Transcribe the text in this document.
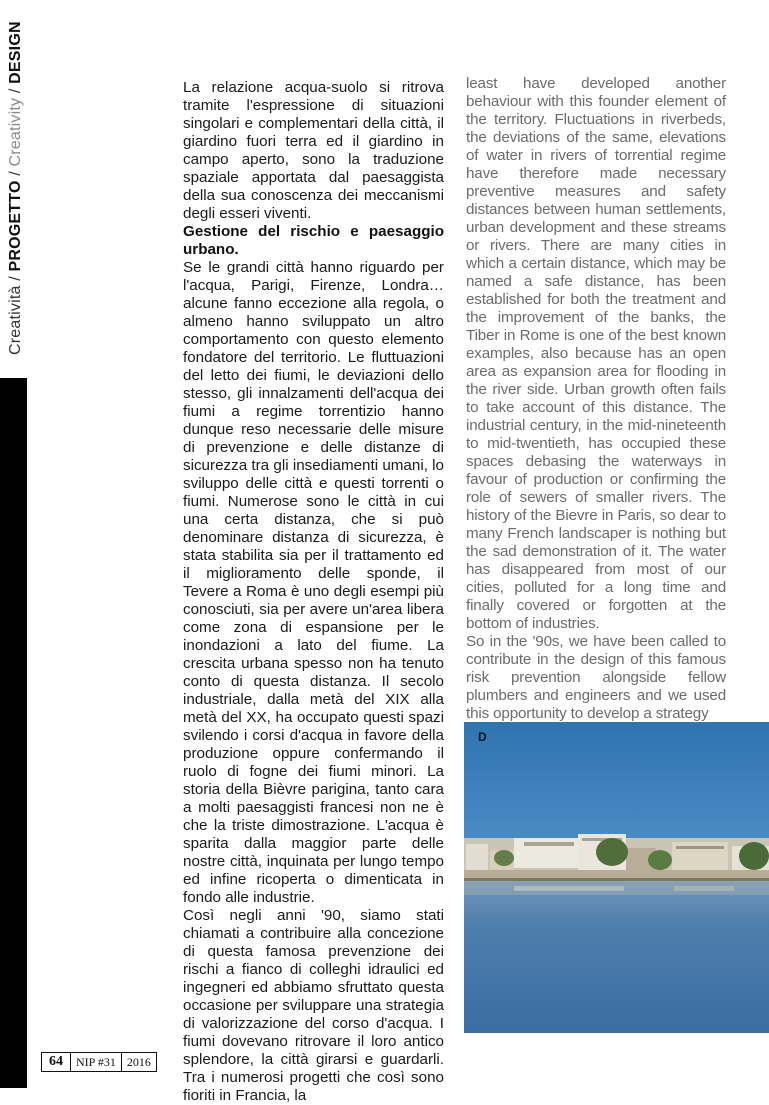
Creatività / PROGETTO / Creativity / DESIGN

La relazione acqua-suolo si ritrova tramite l'espressione di situazioni singolari e complementari della città, il giardino fuori terra ed il giardino in campo aperto, sono la traduzione spaziale apportata dal paesaggista della sua conoscenza dei meccanismi degli esseri viventi.

Gestione del rischio e paesaggio urbano.

Se le grandi città hanno riguardo per l'acqua, Parigi, Firenze, Londra… alcune fanno eccezione alla regola, o almeno hanno sviluppato un altro comportamento con questo elemento fondatore del territorio. Le fluttuazioni del letto dei fiumi, le deviazioni dello stesso, gli innalzamenti dell'acqua dei fiumi a regime torrentizio hanno dunque reso necessarie delle misure di prevenzione e delle distanze di sicurezza tra gli insediamenti umani, lo sviluppo delle città e questi torrenti o fiumi. Numerose sono le città in cui una certa distanza, che si può denominare distanza di sicurezza, è stata stabilita sia per il trattamento ed il miglioramento delle sponde, il Tevere a Roma è uno degli esempi più conosciuti, sia per avere un'area libera come zona di espansione per le inondazioni a lato del fiume. La crescita urbana spesso non ha tenuto conto di questa distanza. Il secolo industriale, dalla metà del XIX alla metà del XX, ha occupato questi spazi svilendo i corsi d'acqua in favore della produzione oppure confermando il ruolo di fogne dei fiumi minori. La storia della Bièvre parigina, tanto cara a molti paesaggisti francesi non ne è che la triste dimostrazione. L'acqua è sparita dalla maggior parte delle nostre città, inquinata per lungo tempo ed infine ricoperta o dimenticata in fondo alle industrie.

Così negli anni '90, siamo stati chiamati a contribuire alla concezione di questa famosa prevenzione dei rischi a fianco di colleghi idraulici ed ingegneri ed abbiamo sfruttato questa occasione per sviluppare una strategia di valorizzazione del corso d'acqua. I fiumi dovevano ritrovare il loro antico splendore, la città girarsi e guardarli. Tra i numerosi progetti che così sono fioriti in Francia, la

least have developed another behaviour with this founder element of the territory. Fluctuations in riverbeds, the deviations of the same, elevations of water in rivers of torrential regime have therefore made necessary preventive measures and safety distances between human settlements, urban development and these streams or rivers. There are many cities in which a certain distance, which may be named a safe distance, has been established for both the treatment and the improvement of the banks, the Tiber in Rome is one of the best known examples, also because has an open area as expansion area for flooding in the river side. Urban growth often fails to take account of this distance. The industrial century, in the mid-nineteenth to mid-twentieth, has occupied these spaces debasing the waterways in favour of production or confirming the role of sewers of smaller rivers. The history of the Bievre in Paris, so dear to many French landscaper is nothing but the sad demonstration of it. The water has disappeared from most of our cities, polluted for a long time and finally covered or forgotten at the bottom of industries.

So in the '90s, we have been called to contribute in the design of this famous risk prevention alongside fellow plumbers and engineers and we used this opportunity to develop a strategy

D
64	NIP #31 2016
